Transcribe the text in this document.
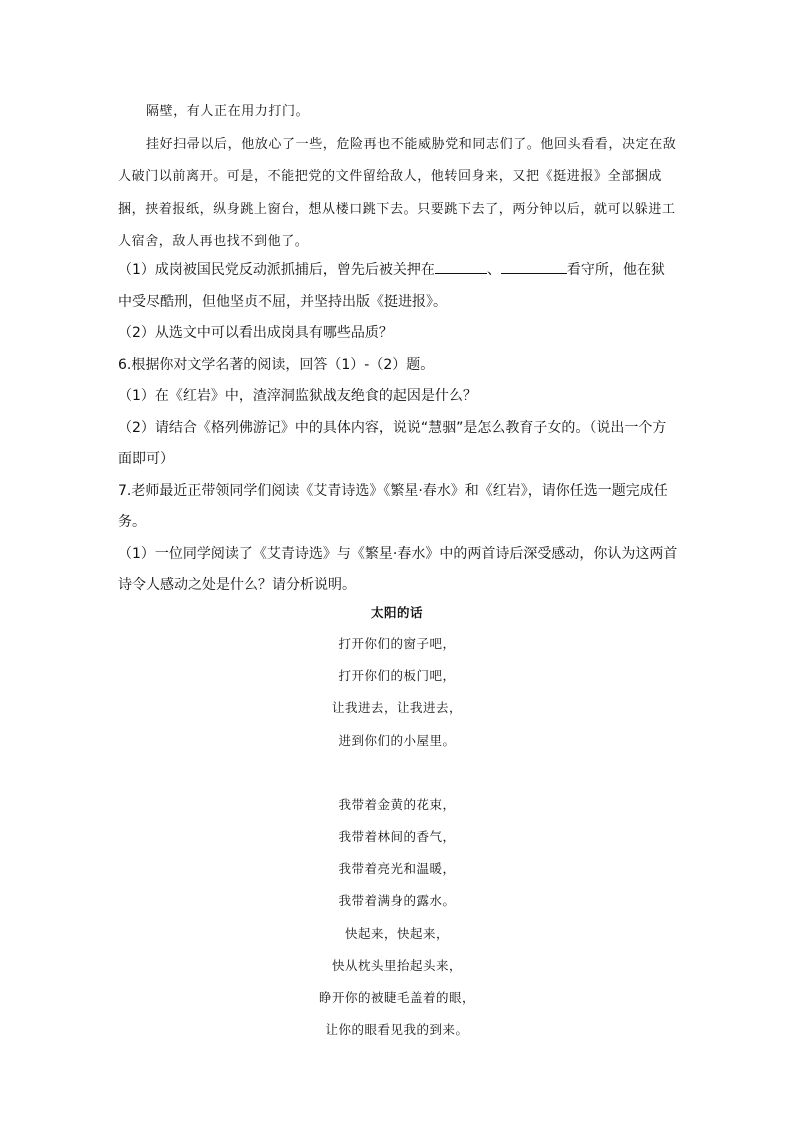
隔壁，有人正在用力打门。

挂好扫帚以后，他放心了一些，危险再也不能威胁党和同志们了。他回头看看，决定在敌人破门以前离开。可是，不能把党的文件留给敌人，他转回身来，又把《挺进报》全部捆成捆，挟着报纸，纵身跳上窗台，想从楼口跳下去。只要跳下去了，两分钟以后，就可以躲进工人宿舍，敌人再也找不到他了。

（1）成岗被国民党反动派抓捕后，曾先后被关押在	、	看守所，他在狱中受尽酷刑，但他坚贞不屈，并坚持出版《挺进报》。

（2）从选文中可以看出成岗具有哪些品质？

6.根据你对文学名著的阅读，回答（1）-（2）题。

（1）在《红岩》中，渣滓洞监狱战友绝食的起因是什么？

（2）请结合《格列佛游记》中的具体内容，说说“慧骃”是怎么教育子女的。（说出一个方面即可）

7.老师最近正带领同学们阅读《艾青诗选》《繁星·春水》和《红岩》，请你任选一题完成任务。

（1）一位同学阅读了《艾青诗选》与《繁星·春水》中的两首诗后深受感动，你认为这两首诗令人感动之处是什么？请分析说明。

太阳的话

打开你们的窗子吧，

打开你们的板门吧，

让我进去，让我进去，

进到你们的小屋里。

我带着金黄的花束，

我带着林间的香气，

我带着亮光和温暖，

我带着满身的露水。

快起来，快起来，

快从枕头里抬起头来，

睁开你的被睫毛盖着的眼，

让你的眼看见我的到来。
